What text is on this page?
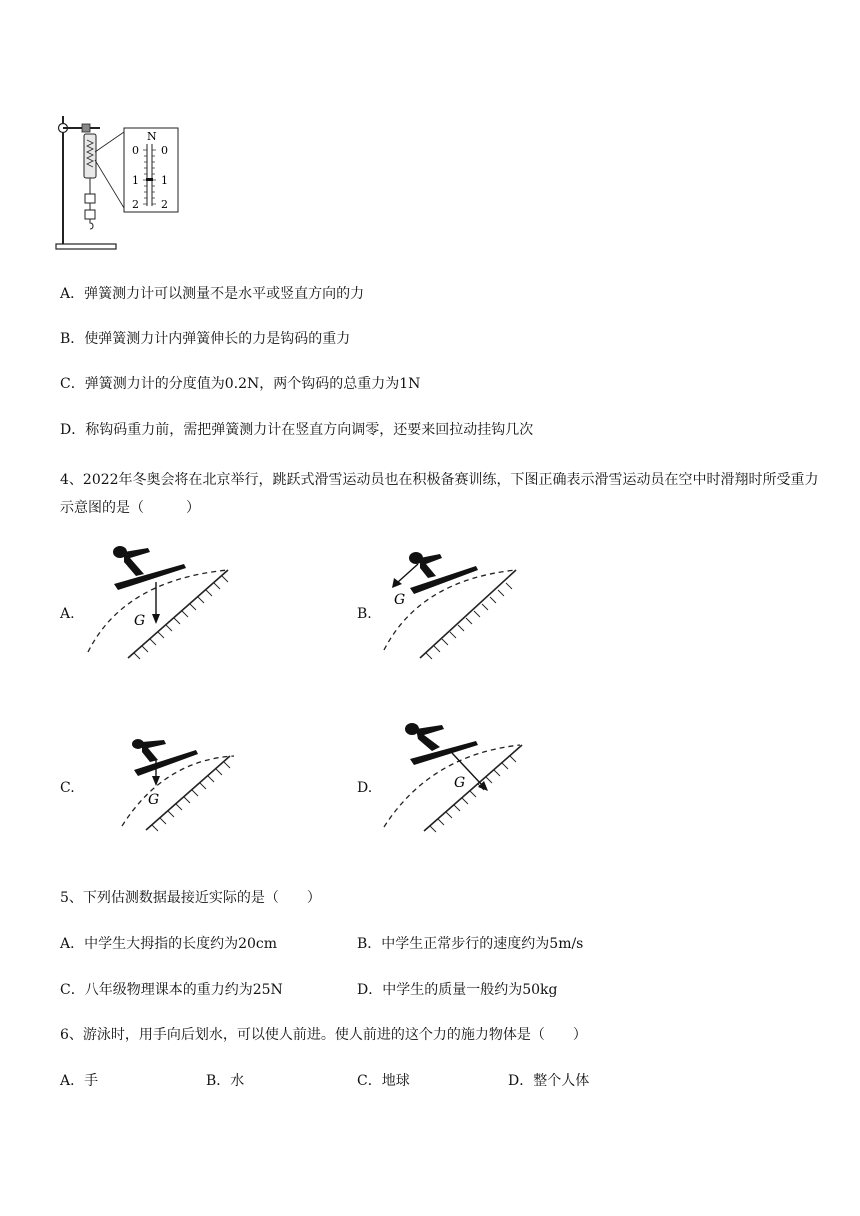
N
0 0
1 1
2 2
A．弹簧测力计可以测量不是水平或竖直方向的力
B．使弹簧测力计内弹簧伸长的力是钩码的重力
C．弹簧测力计的分度值为0.2N，两个钩码的总重力为1N
D．称钩码重力前，需把弹簧测力计在竖直方向调零，还要来回拉动挂钩几次
4、2022年冬奥会将在北京举行，跳跃式滑雪运动员也在积极备赛训练，下图正确表示滑雪运动员在空中时滑翔时所受重力示意图的是（　　　）
A.	G	B.
G
C.
G
D.	G
5、下列估测数据最接近实际的是（　　）
A．中学生大拇指的长度约为20cm	B．中学生正常步行的速度约为5m/s
C．八年级物理课本的重力约为25N	D．中学生的质量一般约为50kg
6、游泳时，用手向后划水，可以使人前进。使人前进的这个力的施力物体是（　　）
A．手	B．水	C．地球	D．整个人体
